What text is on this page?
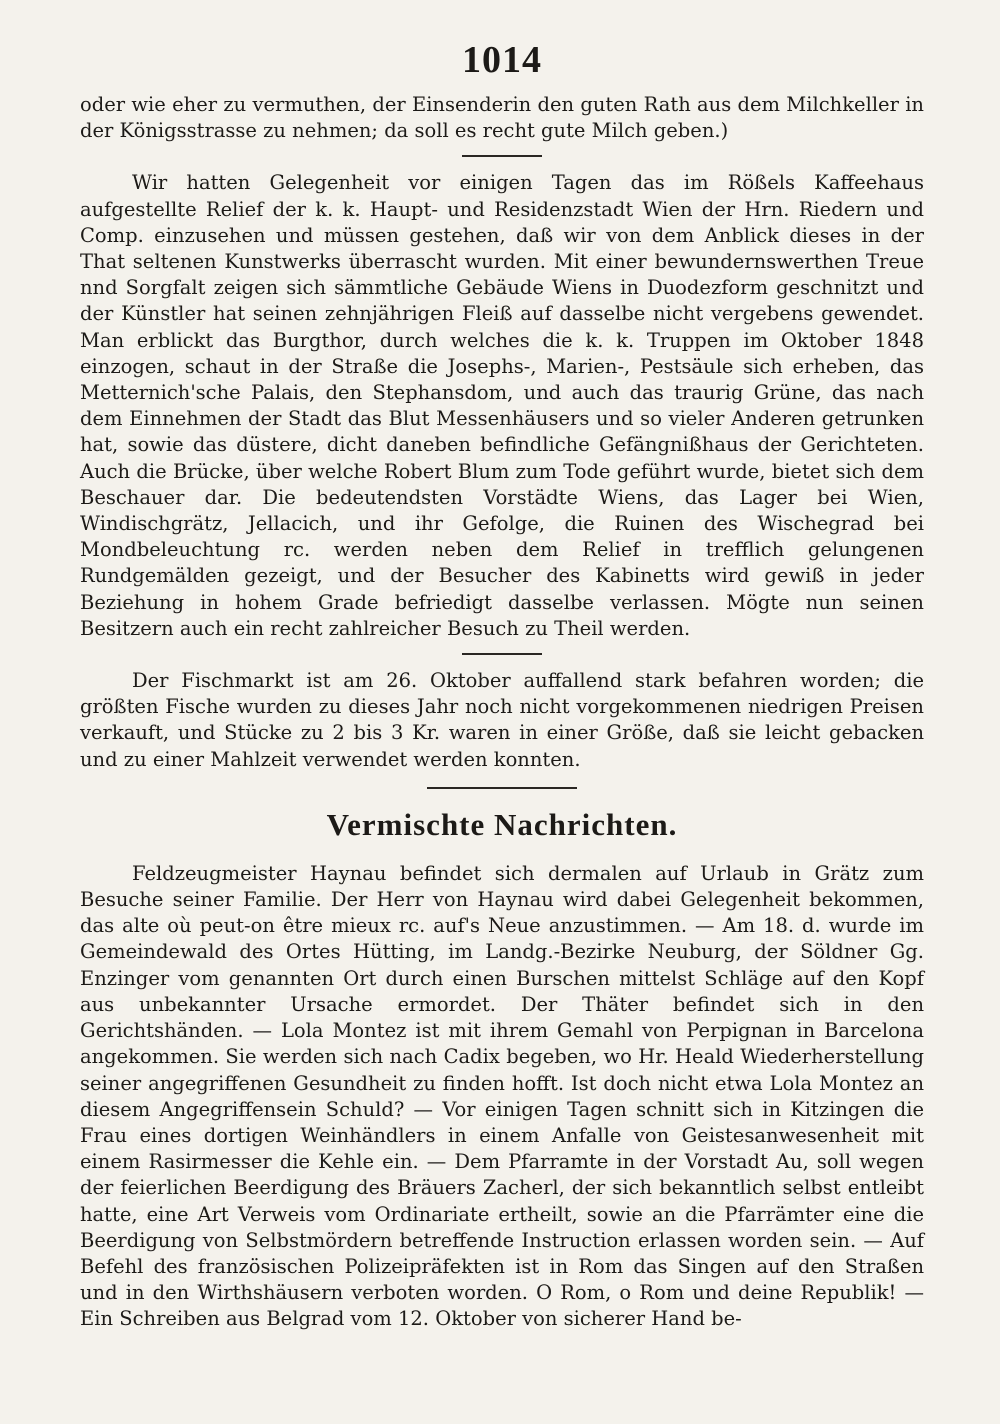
1014

oder wie eher zu vermuthen, der Einsenderin den guten Rath aus dem Milchkeller in der Königsstrasse zu nehmen; da soll es recht gute Milch geben.)

Wir hatten Gelegenheit vor einigen Tagen das im Rößels Kaffeehaus aufgestellte Relief der k. k. Haupt- und Residenzstadt Wien der Hrn. Riedern und Comp. einzusehen und müssen gestehen, daß wir von dem Anblick dieses in der That seltenen Kunstwerks überrascht wurden. Mit einer bewundernswerthen Treue nnd Sorgfalt zeigen sich sämmtliche Gebäude Wiens in Duodezform geschnitzt und der Künstler hat seinen zehnjährigen Fleiß auf dasselbe nicht vergebens gewendet. Man erblickt das Burgthor, durch welches die k. k. Truppen im Oktober 1848 einzogen, schaut in der Straße die Josephs-, Marien-, Pestsäule sich erheben, das Metternich'sche Palais, den Stephansdom, und auch das traurig Grüne, das nach dem Einnehmen der Stadt das Blut Messenhäusers und so vieler Anderen getrunken hat, sowie das düstere, dicht daneben befindliche Gefängnißhaus der Gerichteten. Auch die Brücke, über welche Robert Blum zum Tode geführt wurde, bietet sich dem Beschauer dar. Die bedeutendsten Vorstädte Wiens, das Lager bei Wien, Windischgrätz, Jellacich, und ihr Gefolge, die Ruinen des Wischegrad bei Mondbeleuchtung rc. werden neben dem Relief in trefflich gelungenen Rundgemälden gezeigt, und der Besucher des Kabinetts wird gewiß in jeder Beziehung in hohem Grade befriedigt dasselbe verlassen. Mögte nun seinen Besitzern auch ein recht zahlreicher Besuch zu Theil werden.

Der Fischmarkt ist am 26. Oktober auffallend stark befahren worden; die größten Fische wurden zu dieses Jahr noch nicht vorgekommenen niedrigen Preisen verkauft, und Stücke zu 2 bis 3 Kr. waren in einer Größe, daß sie leicht gebacken und zu einer Mahlzeit verwendet werden konnten.

Vermischte Nachrichten.

Feldzeugmeister Haynau befindet sich dermalen auf Urlaub in Grätz zum Besuche seiner Familie. Der Herr von Haynau wird dabei Gelegenheit bekommen, das alte où peut-on être mieux rc. auf's Neue anzustimmen. — Am 18. d. wurde im Gemeindewald des Ortes Hütting, im Landg.-Bezirke Neuburg, der Söldner Gg. Enzinger vom genannten Ort durch einen Burschen mittelst Schläge auf den Kopf aus unbekannter Ursache ermordet. Der Thäter befindet sich in den Gerichtshänden. — Lola Montez ist mit ihrem Gemahl von Perpignan in Barcelona angekommen. Sie werden sich nach Cadix begeben, wo Hr. Heald Wiederherstellung seiner angegriffenen Gesundheit zu finden hofft. Ist doch nicht etwa Lola Montez an diesem Angegriffensein Schuld? — Vor einigen Tagen schnitt sich in Kitzingen die Frau eines dortigen Weinhändlers in einem Anfalle von Geistesanwesenheit mit einem Rasirmesser die Kehle ein. — Dem Pfarramte in der Vorstadt Au, soll wegen der feierlichen Beerdigung des Bräuers Zacherl, der sich bekanntlich selbst entleibt hatte, eine Art Verweis vom Ordinariate ertheilt, sowie an die Pfarrämter eine die Beerdigung von Selbstmördern betreffende Instruction erlassen worden sein. — Auf Befehl des französischen Polizeipräfekten ist in Rom das Singen auf den Straßen und in den Wirthshäusern verboten worden. O Rom, o Rom und deine Republik! — Ein Schreiben aus Belgrad vom 12. Oktober von sicherer Hand be-
